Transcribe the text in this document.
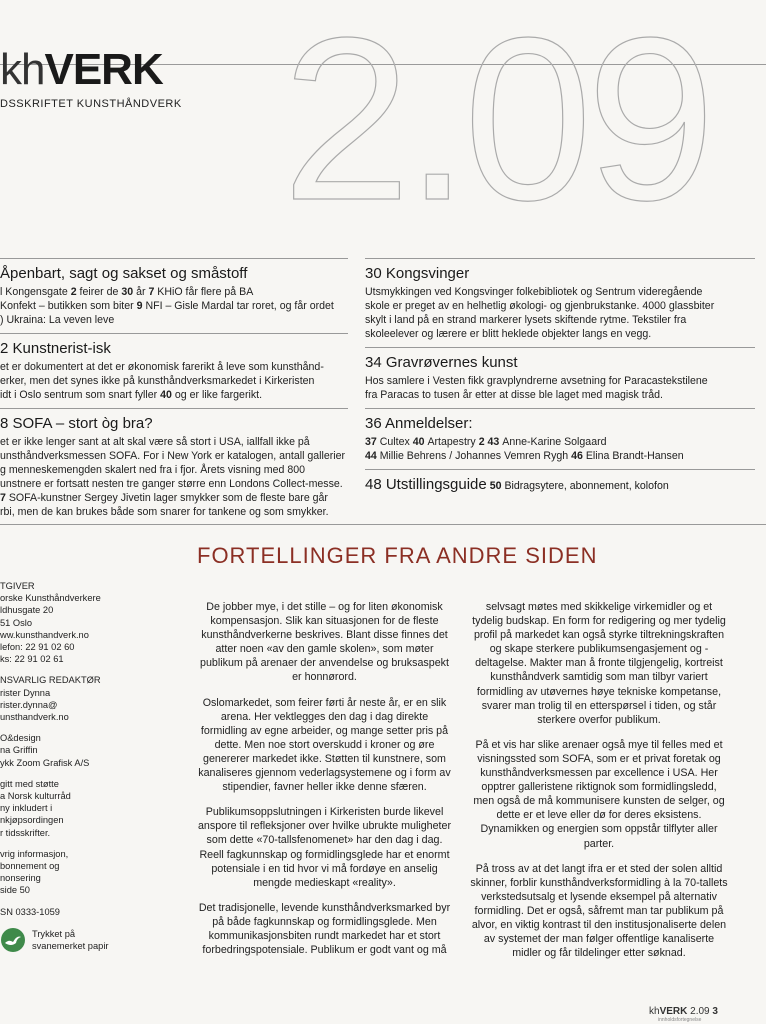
2.09
khVERK
DSSKRIFTET KUNSTHÅNDVERK
Åpenbart, sagt og sakset og småstoff
l Kongensgate 2 feirer de 30 år 7 KHiO får flere på BA
Konfekt – butikken som biter 9 NFI – Gisle Mardal tar roret, og får ordet
) Ukraina: La veven leve
2 Kunstnerist-isk
et er dokumentert at det er økonomisk farerikt å leve som kunsthånd-
erker, men det synes ikke på kunsthåndverksmarkedet i Kirkeristen
idt i Oslo sentrum som snart fyller 40 og er like fargerikt.
8 SOFA – stort òg bra?
et er ikke lenger sant at alt skal være så stort i USA, iallfall ikke på
unsthåndverksmessen SOFA. For i New York er katalogen, antall gallerier
g menneskemengden skalert ned fra i fjor. Årets visning med 800
unstnere er fortsatt nesten tre ganger større enn Londons Collect-messe.
7 SOFA-kunstner Sergey Jivetin lager smykker som de fleste bare går
rbi, men de kan brukes både som snarer for tankene og som smykker.
30 Kongsvinger
Utsmykkingen ved Kongsvinger folkebibliotek og Sentrum videregående
skole er preget av en helhetlig økologi- og gjenbrukstanke. 4000 glassbiter
skylt i land på en strand markerer lysets skiftende rytme. Tekstiler fra
skoleelever og lærere er blitt heklede objekter langs en vegg.
34 Gravrøvernes kunst
Hos samlere i Vesten fikk gravplyndrerne avsetning for Paracastekstilene
fra Paracas to tusen år etter at disse ble laget med magisk tråd.
36 Anmeldelser:
37 Cultex 40 Artapestry 2 43 Anne-Karine Solgaard
44 Millie Behrens / Johannes Vemren Rygh 46 Elina Brandt-Hansen
48 Utstillingsguide 50 Bidragsytere, abonnement, kolofon
FORTELLINGER FRA ANDRE SIDEN
TGIVER
orske Kunsthåndverkere
ldhusgate 20
51 Oslo
ww.kunsthandverk.no
lefon: 22 91 02 60
ks: 22 91 02 61
NSVARLIG REDAKTØR
rister Dynna
rister.dynna@
unsthandverk.no
O&design
na Griffin
ykk Zoom Grafisk A/S
gitt med støtte
a Norsk kulturråd
ny inkludert i
nkjøpsordingen
r tidsskrifter.
vrig informasjon,
bonnement og
nonsering
side 50
SN 0333-1059
Trykket på
svanemerket papir

De jobber mye, i det stille – og for liten økonomisk kompensasjon. Slik kan situasjonen for de fleste kunsthåndverkerne beskrives. Blant disse finnes det atter noen «av den gamle skolen», som møter publikum på arenaer der anvendelse og bruksaspekt er honnørord.

Oslomarkedet, som feirer førti år neste år, er en slik arena. Her vektlegges den dag i dag direkte formidling av egne arbeider, og mange setter pris på dette. Men noe stort overskudd i kroner og øre genererer markedet ikke. Støtten til kunstnere, som kanaliseres gjennom vederlagsystemene og i form av stipendier, favner heller ikke denne sfæren.

Publikumsoppslutningen i Kirkeristen burde likevel anspore til refleksjoner over hvilke ubrukte muligheter som dette «70-tallsfenomenet» har den dag i dag. Reell fagkunnskap og formidlingsglede har et enormt potensiale i en tid hvor vi må fordøye en anselig mengde medieskapt «reality».

Det tradisjonelle, levende kunsthåndverksmarked byr på både fagkunnskap og formidlingsglede. Men kommunikasjonsbiten rundt markedet har et stort forbedringspotensiale. Publikum er godt vant og må

selvsagt møtes med skikkelige virkemidler og et tydelig budskap. En form for redigering og mer tydelig profil på markedet kan også styrke tiltrekningskraften og skape sterkere publikumsengasjement og -deltagelse. Makter man å fronte tilgjengelig, kortreist kunsthåndverk samtidig som man tilbyr variert formidling av utøvernes høye tekniske kompetanse, svarer man trolig til en etterspørsel i tiden, og står sterkere overfor publikum.

På et vis har slike arenaer også mye til felles med et visningssted som SOFA, som er et privat foretak og kunsthåndverksmessen par excellence i USA. Her opptrer galleristene riktignok som formidlingsledd, men også de må kommunisere kunsten de selger, og dette er et leve eller dø for deres eksistens. Dynamikken og energien som oppstår tilflyter aller parter.

På tross av at det langt ifra er et sted der solen alltid skinner, forblir kunsthåndverksformidling à la 70-tallets verkstedsutsalg et lysende eksempel på alternativ formidling. Det er også, såfremt man tar publikum på alvor, en viktig kontrast til den institusjonaliserte delen av systemet der man følger offentlige kanaliserte midler og får tildelinger etter søknad.

khVERK 2.09 3
innholdsfortegnelse
